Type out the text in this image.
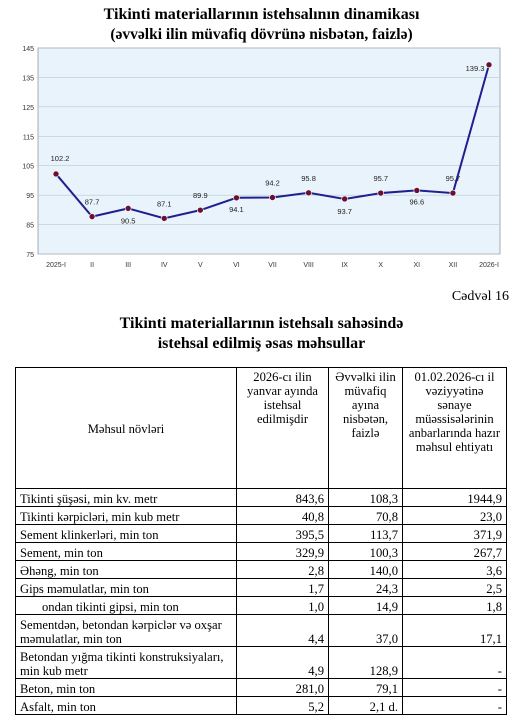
Tikinti materiallarının istehsalının dinamikası
(əvvəlki ilin müvafiq dövrünə nisbətən, faizlə)
75
85
95
105
115
125
135
145
2025-I	II	III	IV	V	VI	VII	VIII	IX	X	XI	XII	2026-I
102.2
87.7
90.5
87.1
89.9
94.1
94.2
95.8
93.7
95.7
96.6
95.7
139.3
Cədvəl 16
Tikinti materiallarının istehsalı sahəsində
istehsal edilmiş əsas məhsullar
Məhsul növləri	2026-cı ilin yanvar ayında istehsal edilmişdir	Əvvəlki ilin müvafiq ayına nisbətən, faizlə	01.02.2026-cı il vəziyyətinə sənaye müəssisələrinin anbarlarında hazır məhsul ehtiyatı
Tikinti şüşəsi, min kv. metr	843,6	108,3	1944,9
Tikinti kərpicləri, min kub metr	40,8	70,8	23,0
Sement klinkerləri, min ton	395,5	113,7	371,9
Sement, min ton	329,9	100,3	267,7
Əhəng, min ton	2,8	140,0	3,6
Gips məmulatlar, min ton	1,7	24,3	2,5
ondan tikinti gipsi, min ton	1,0	14,9	1,8
Sementdən, betondan kərpiclər və oxşar məmulatlar, min ton	4,4	37,0	17,1
Betondan yığma tikinti konstruksiyaları, min kub metr	4,9	128,9	-
Beton, min ton	281,0	79,1	-
Asfalt, min ton	5,2	2,1 d.	-
